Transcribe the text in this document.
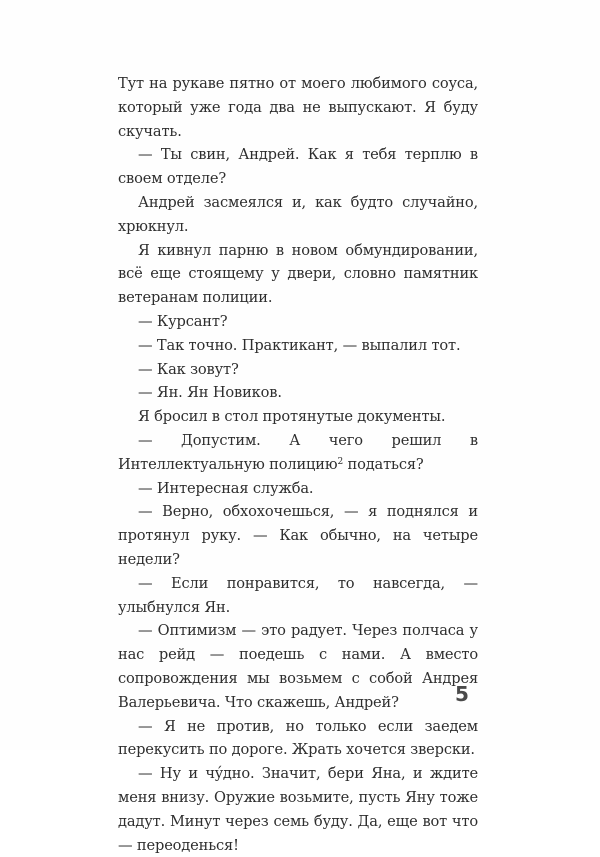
Тут на рукаве пятно от моего любимого соуса, который уже года два не выпускают. Я буду скучать.

— Ты свин, Андрей. Как я тебя терплю в своем отделе?

Андрей засмеялся и, как будто случайно, хрюкнул.

Я кивнул парню в новом обмундировании, всё еще стоящему у двери, словно памятник ветеранам полиции.

— Курсант?

— Так точно. Практикант, — выпалил тот.

— Как зовут?

— Ян. Ян Новиков.

Я бросил в стол протянутые документы.

— Допустим. А чего решил в Интеллектуальную полицию$^2$ податься?

— Интересная служба.

— Верно, обхохочешься, — я поднялся и протянул руку. — Как обычно, на четыре недели?

— Если понравится, то навсегда, — улыбнулся Ян.

— Оптимизм — это радует. Через полчаса у нас рейд — поедешь с нами. А вместо сопровождения мы возьмем с собой Андрея Валерьевича. Что скажешь, Андрей?

— Я не против, но только если заедем перекусить по дороге. Жрать хочется зверски.

— Ну и чýдно. Значит, бери Яна, и ждите меня внизу. Оружие возьмите, пусть Яну тоже дадут. Минут через семь буду. Да, еще вот что — переоденься!

5
